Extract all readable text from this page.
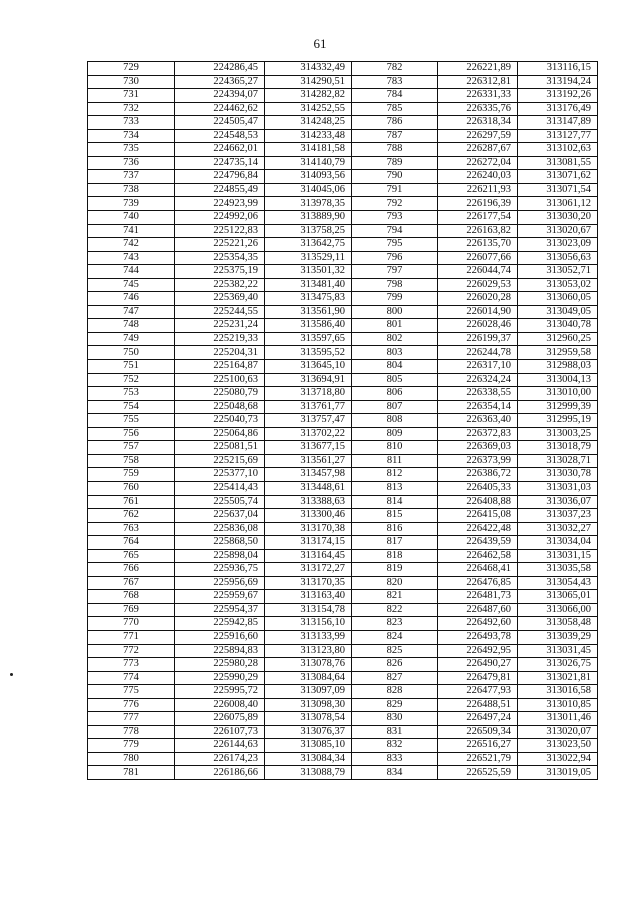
61
729	224286,45	314332,49	782	226221,89	313116,15
730	224365,27	314290,51	783	226312,81	313194,24
731	224394,07	314282,82	784	226331,33	313192,26
732	224462,62	314252,55	785	226335,76	313176,49
733	224505,47	314248,25	786	226318,34	313147,89
734	224548,53	314233,48	787	226297,59	313127,77
735	224662,01	314181,58	788	226287,67	313102,63
736	224735,14	314140,79	789	226272,04	313081,55
737	224796,84	314093,56	790	226240,03	313071,62
738	224855,49	314045,06	791	226211,93	313071,54
739	224923,99	313978,35	792	226196,39	313061,12
740	224992,06	313889,90	793	226177,54	313030,20
741	225122,83	313758,25	794	226163,82	313020,67
742	225221,26	313642,75	795	226135,70	313023,09
743	225354,35	313529,11	796	226077,66	313056,63
744	225375,19	313501,32	797	226044,74	313052,71
745	225382,22	313481,40	798	226029,53	313053,02
746	225369,40	313475,83	799	226020,28	313060,05
747	225244,55	313561,90	800	226014,90	313049,05
748	225231,24	313586,40	801	226028,46	313040,78
749	225219,33	313597,65	802	226199,37	312960,25
750	225204,31	313595,52	803	226244,78	312959,58
751	225164,87	313645,10	804	226317,10	312988,03
752	225100,63	313694,91	805	226324,24	313004,13
753	225080,79	313718,80	806	226338,55	313010,00
754	225048,68	313761,77	807	226354,14	312999,39
755	225040,73	313757,47	808	226363,40	312995,19
756	225064,86	313702,22	809	226372,83	313003,25
757	225081,51	313677,15	810	226369,03	313018,79
758	225215,69	313561,27	811	226373,99	313028,71
759	225377,10	313457,98	812	226386,72	313030,78
760	225414,43	313448,61	813	226405,33	313031,03
761	225505,74	313388,63	814	226408,88	313036,07
762	225637,04	313300,46	815	226415,08	313037,23
763	225836,08	313170,38	816	226422,48	313032,27
764	225868,50	313174,15	817	226439,59	313034,04
765	225898,04	313164,45	818	226462,58	313031,15
766	225936,75	313172,27	819	226468,41	313035,58
767	225956,69	313170,35	820	226476,85	313054,43
768	225959,67	313163,40	821	226481,73	313065,01
769	225954,37	313154,78	822	226487,60	313066,00
770	225942,85	313156,10	823	226492,60	313058,48
771	225916,60	313133,99	824	226493,78	313039,29
772	225894,83	313123,80	825	226492,95	313031,45
773	225980,28	313078,76	826	226490,27	313026,75
774	225990,29	313084,64	827	226479,81	313021,81
775	225995,72	313097,09	828	226477,93	313016,58
776	226008,40	313098,30	829	226488,51	313010,85
777	226075,89	313078,54	830	226497,24	313011,46
778	226107,73	313076,37	831	226509,34	313020,07
779	226144,63	313085,10	832	226516,27	313023,50
780	226174,23	313084,34	833	226521,79	313022,94
781	226186,66	313088,79	834	226525,59	313019,05
